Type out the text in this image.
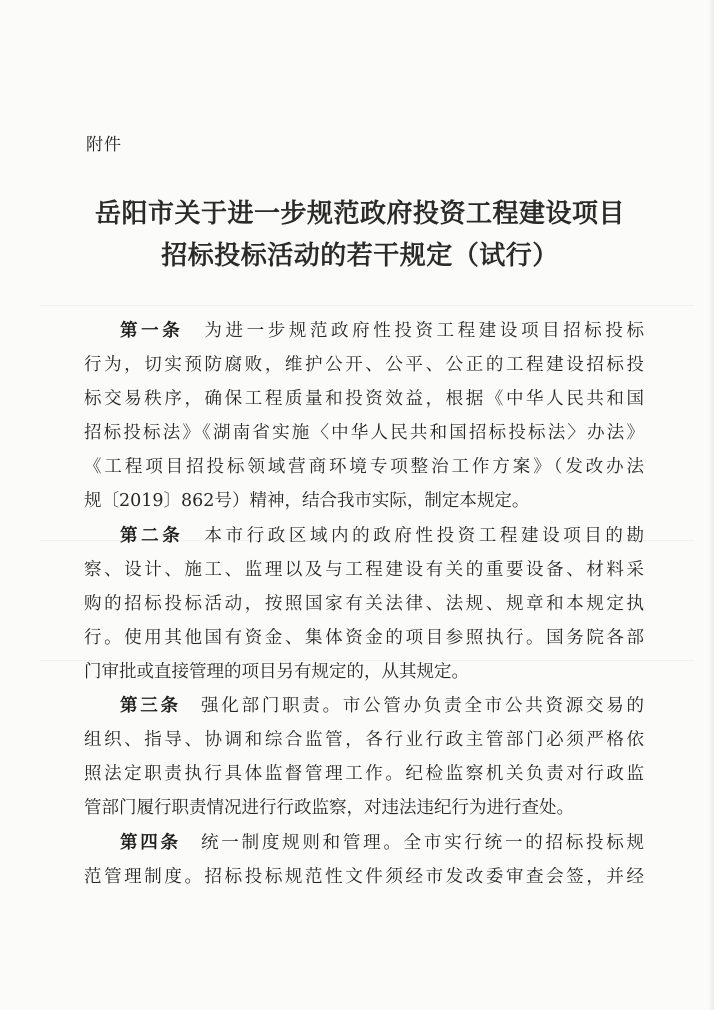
附件
岳阳市关于进一步规范政府投资工程建设项目
招标投标活动的若干规定（试行）
第一条　 为进一步规范政府性投资工程建设项目招标投标
行为，切实预防腐败，维护公开、公平、公正的工程建设招标投
标交易秩序，确保工程质量和投资效益，根据《中华人民共和国
招标投标法》《湖南省实施〈中华人民共和国招标投标法〉办法》
《工程项目招投标领域营商环境专项整治工作方案》（发改办法
规〔2019〕862号）精神，结合我市实际，制定本规定。
第二条　 本市行政区域内的政府性投资工程建设项目的勘
察、设计、施工、监理以及与工程建设有关的重要设备、材料采
购的招标投标活动，按照国家有关法律、法规、规章和本规定执
行。使用其他国有资金、集体资金的项目参照执行。国务院各部
门审批或直接管理的项目另有规定的，从其规定。
第三条　 强化部门职责。市公管办负责全市公共资源交易的
组织、指导、协调和综合监管，各行业行政主管部门必须严格依
照法定职责执行具体监督管理工作。纪检监察机关负责对行政监
管部门履行职责情况进行行政监察，对违法违纪行为进行查处。
第四条　 统一制度规则和管理。全市实行统一的招标投标规
范管理制度。招标投标规范性文件须经市发改委审查会签，并经
